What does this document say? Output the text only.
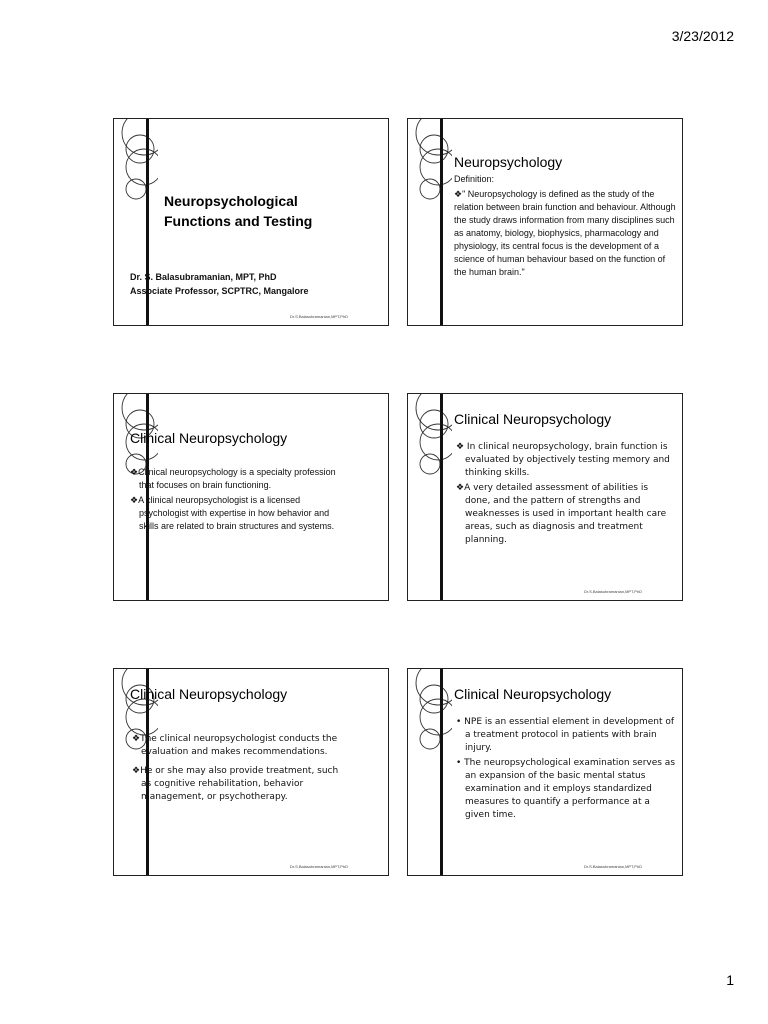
3/23/2012
Neuropsychological
Functions and Testing
Dr. S. Balasubramanian, MPT, PhD
Associate Professor, SCPTRC, Mangalore
Dr.S.Balasubramanian,MPT,PhD
Neuropsychology

Definition:

❖" Neuropsychology is defined as the study of the relation between brain function and behaviour. Although the study draws information from many disciplines such as anatomy, biology, biophysics, pharmacology and physiology, its central focus is the development of a science of human behaviour based on the function of the human brain."

Clinical Neuropsychology

❖Clinical neuropsychology is a specialty profession that focuses on brain functioning.

❖A clinical neuropsychologist is a licensed psychologist with expertise in how behavior and skills are related to brain structures and systems.

Clinical Neuropsychology

❖ In clinical neuropsychology, brain function is evaluated by objectively testing memory and thinking skills.

❖A very detailed assessment of abilities is done, and the pattern of strengths and weaknesses is used in important health care areas, such as diagnosis and treatment planning.

Dr.S.Balasubramanian,MPT,PhD
Clinical Neuropsychology

❖The clinical neuropsychologist conducts the evaluation and makes recommendations.

❖He or she may also provide treatment, such as cognitive rehabilitation, behavior management, or psychotherapy.

Dr.S.Balasubramanian,MPT,PhD
Clinical Neuropsychology

• NPE is an essential element in development of a treatment protocol in patients with brain injury.

• The neuropsychological examination serves as an expansion of the basic mental status examination and it employs standardized measures to quantify a performance at a given time.

Dr.S.Balasubramanian,MPT,PhD
1
